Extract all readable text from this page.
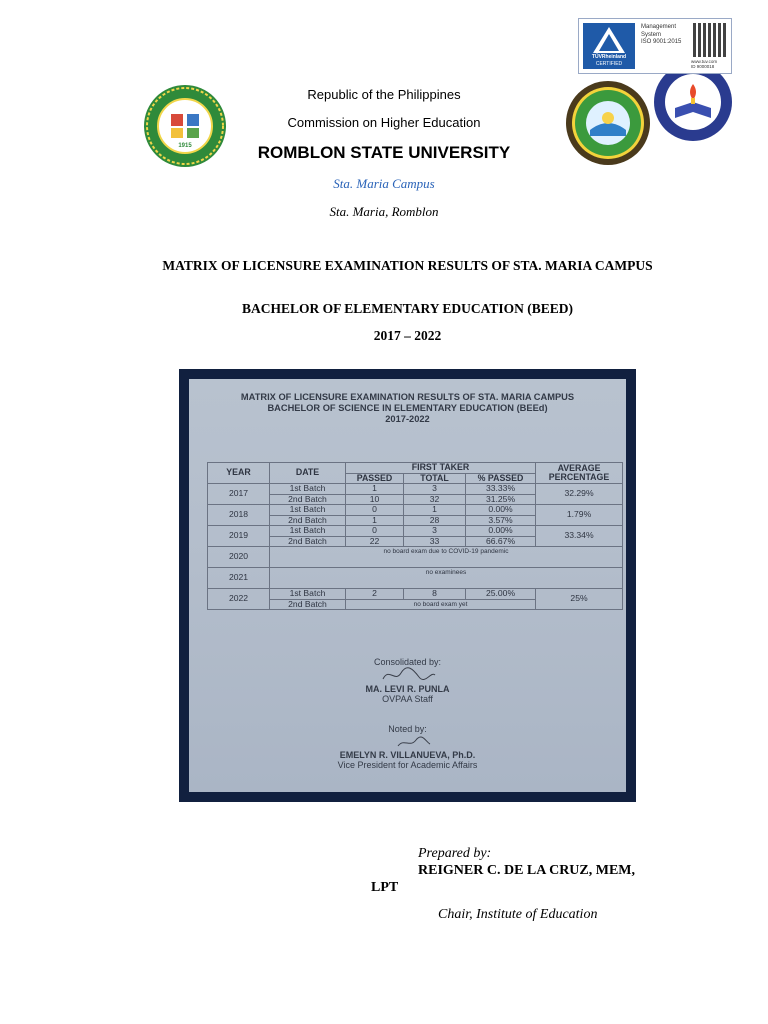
Republic of the Philippines
Commission on Higher Education
ROMBLON STATE UNIVERSITY
Sta. Maria Campus
Sta. Maria, Romblon
1915
TÜVRheinland
CERTIFIED
Management
System
ISO 9001:2015
www.tuv.com
ID 9000018
MATRIX OF LICENSURE EXAMINATION RESULTS OF STA. MARIA CAMPUS
BACHELOR OF ELEMENTARY EDUCATION (BEED)
2017 – 2022
MATRIX OF LICENSURE EXAMINATION RESULTS OF STA. MARIA CAMPUS
BACHELOR OF SCIENCE IN ELEMENTARY EDUCATION (BEEd)
2017-2022
YEAR	DATE	FIRST TAKER			AVERAGE PERCENTAGE
		PASSED	TOTAL	% PASSED	
2017	1st Batch	1	3	33.33%	32.29%
	2nd Batch	10	32	31.25%	
2018	1st Batch	0	1	0.00%	1.79%
	2nd Batch	1	28	3.57%	
2019	1st Batch	0	3	0.00%	33.34%
	2nd Batch	22	33	66.67%	
2020	no board exam due to COVID-19 pandemic				
2021	no examinees				
2022	1st Batch	2	8	25.00%	25%
	2nd Batch	no board exam yet			
Consolidated by:
MA. LEVI R. PUNLA
OVPAA Staff
Noted by:
EMELYN R. VILLANUEVA, Ph.D.
Vice President for Academic Affairs
Prepared by:
REIGNER C. DE LA CRUZ, MEM,
LPT
Chair, Institute of Education
